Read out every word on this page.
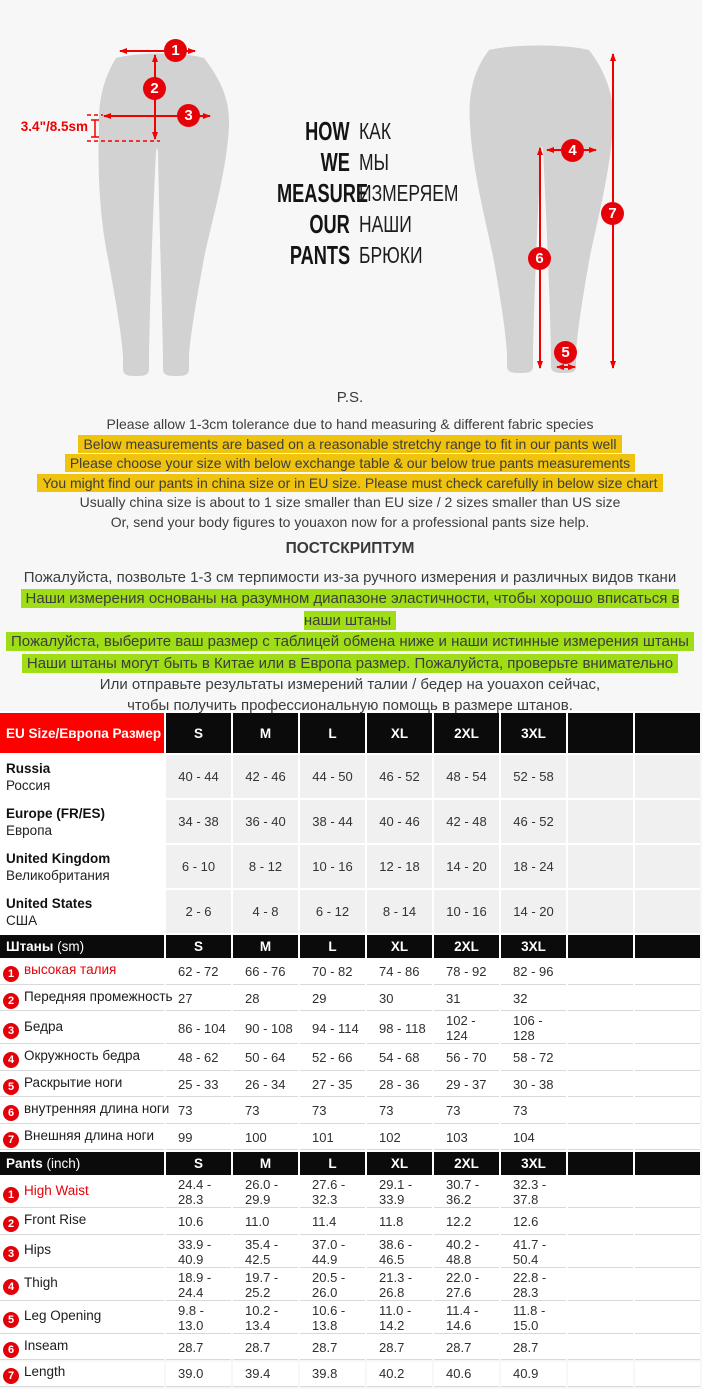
1
2
3
4
5
6
7
3.4"/8.5sm	HOW КАК
WE МЫ
MEASURE
ИЗМЕРЯЕМ
OUR НАШИ
PANTS БРЮКИ
P.S.
Please allow 1-3cm tolerance due to hand measuring & different fabric species
Below measurements are based on a reasonable stretchy range to fit in our pants well
Please choose your size with below exchange table & our below true pants measurements
You might find our pants in china size or in EU size. Please must check carefully in below size chart
Usually china size is about to 1 size smaller than EU size / 2 sizes smaller than US size
Or, send your body figures to youaxon now for a professional pants size help.
ПОСТСКРИПТУМ
Пожалуйста, позвольте 1-3 см терпимости из-за ручного измерения и различных видов ткани
Наши измерения основаны на разумном диапазоне эластичности, чтобы хорошо вписаться в наши штаны
Пожалуйста, выберите ваш размер с таблицей обмена ниже и наши истинные измерения штаны
Наши штаны могут быть в Китае или в Европа размер. Пожалуйста, проверьте внимательно
Или отправьте результаты измерений талии / бедер на youaxon сейчас,
чтобы получить профессиональную помощь в размере штанов.
EU Size/Европа Размер	S	M	L	XL	2XL	3XL		

Russia
Россия	40 - 44	42 - 46	44 - 50	46 - 52	48 - 54	52 - 58		

Europe (FR/ES)
Европа	34 - 38	36 - 40	38 - 44	40 - 46	42 - 48	46 - 52		

United Kingdom
Великобритания	6 - 10	8 - 12	10 - 16	12 - 18	14 - 20	18 - 24		

United States
США	2 - 6	4 - 8	6 - 12	8 - 14	10 - 16	14 - 20		
Штаны (sm)	S	M	L	XL	2XL	3XL		
1 высокая талия	62 - 72	66 - 76	70 - 82	74 - 86	78 - 92	82 - 96		
2 Передняя промежность	27	28	29	30	31	32		
3 Бедра	86 - 104	90 - 108	94 - 114	98 - 118	102 - 124	106 - 128		
4 Окружность бедра	48 - 62	50 - 64	52 - 66	54 - 68	56 - 70	58 - 72		
5 Раскрытие ноги	25 - 33	26 - 34	27 - 35	28 - 36	29 - 37	30 - 38		
6 внутренняя длина ноги	73	73	73	73	73	73		
7 Внешняя длина ноги	99	100	101	102	103	104		
Pants (inch)	S	M	L	XL	2XL	3XL		
1 High Waist	24.4 - 28.3	26.0 - 29.9	27.6 - 32.3	29.1 - 33.9	30.7 - 36.2	32.3 - 37.8		
2 Front Rise	10.6	11.0	11.4	11.8	12.2	12.6		
3 Hips	33.9 - 40.9	35.4 - 42.5	37.0 - 44.9	38.6 - 46.5	40.2 - 48.8	41.7 - 50.4		
4 Thigh	18.9 - 24.4	19.7 - 25.2	20.5 - 26.0	21.3 - 26.8	22.0 - 27.6	22.8 - 28.3		
5 Leg Opening	9.8 - 13.0	10.2 - 13.4	10.6 - 13.8	11.0 - 14.2	11.4 - 14.6	11.8 - 15.0		
6 Inseam	28.7	28.7	28.7	28.7	28.7	28.7		
7 Length	39.0	39.4	39.8	40.2	40.6	40.9		
